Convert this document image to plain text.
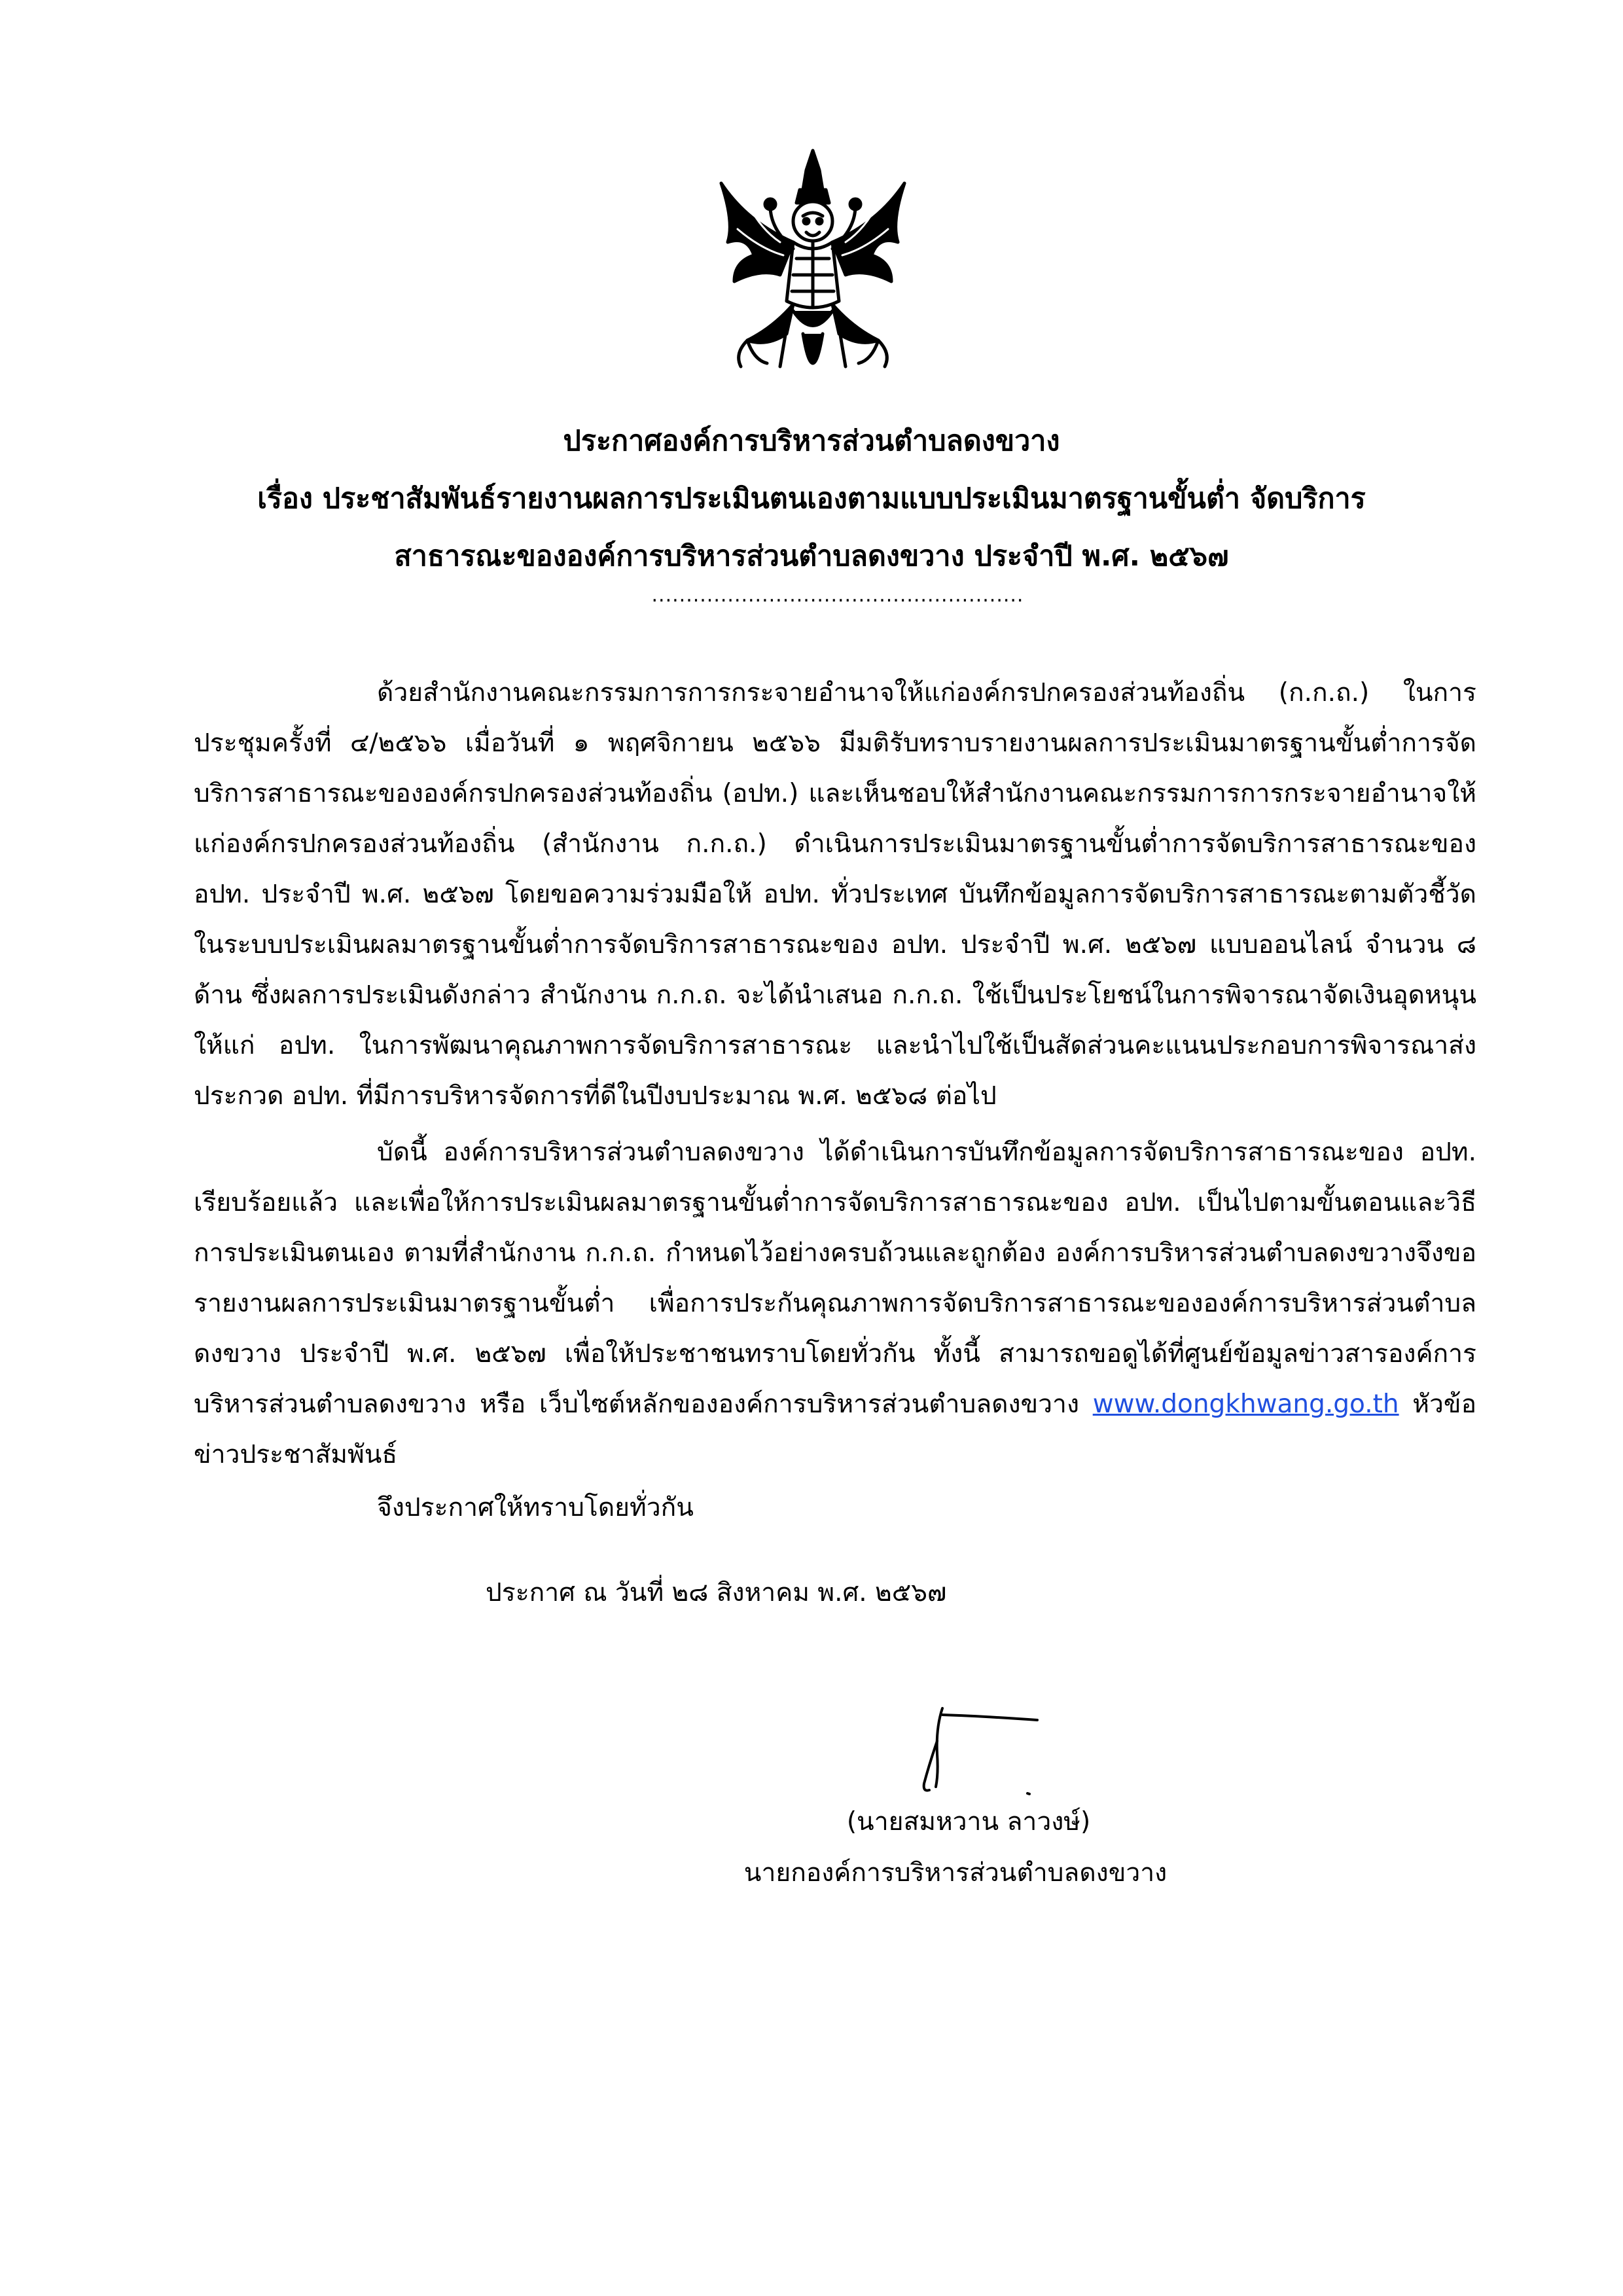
ประกาศองค์การบริหารส่วนตำบลดงขวาง

เรื่อง ประชาสัมพันธ์รายงานผลการประเมินตนเองตามแบบประเมินมาตรฐานขั้นต่ำ จัดบริการ

สาธารณะขององค์การบริหารส่วนตำบลดงขวาง ประจำปี พ.ศ. ๒๕๖๗

......................................................

ด้วยสำนักงานคณะกรรมการการกระจายอำนาจให้แก่องค์กรปกครองส่วนท้องถิ่น (ก.ก.ถ.) ในการประชุมครั้งที่ ๔/๒๕๖๖ เมื่อวันที่ ๑ พฤศจิกายน ๒๕๖๖ มีมติรับทราบรายงานผลการประเมินมาตรฐานขั้นต่ำการจัดบริการสาธารณะขององค์กรปกครองส่วนท้องถิ่น (อปท.) และเห็นชอบให้สำนักงานคณะกรรมการการกระจายอำนาจให้แก่องค์กรปกครองส่วนท้องถิ่น (สำนักงาน ก.ก.ถ.) ดำเนินการประเมินมาตรฐานขั้นต่ำการจัดบริการสาธารณะของ อปท. ประจำปี พ.ศ. ๒๕๖๗ โดยขอความร่วมมือให้ อปท. ทั่วประเทศ บันทึกข้อมูลการจัดบริการสาธารณะตามตัวชี้วัดในระบบประเมินผลมาตรฐานขั้นต่ำการจัดบริการสาธารณะของ อปท. ประจำปี พ.ศ. ๒๕๖๗ แบบออนไลน์ จำนวน ๘ ด้าน ซึ่งผลการประเมินดังกล่าว สำนักงาน ก.ก.ถ. จะได้นำเสนอ ก.ก.ถ. ใช้เป็นประโยชน์ในการพิจารณาจัดเงินอุดหนุนให้แก่ อปท. ในการพัฒนาคุณภาพการจัดบริการสาธารณะ และนำไปใช้เป็นสัดส่วนคะแนนประกอบการพิจารณาส่งประกวด อปท. ที่มีการบริหารจัดการที่ดีในปีงบประมาณ พ.ศ. ๒๕๖๘ ต่อไป

บัดนี้ องค์การบริหารส่วนตำบลดงขวาง ได้ดำเนินการบันทึกข้อมูลการจัดบริการสาธารณะของ อปท. เรียบร้อยแล้ว และเพื่อให้การประเมินผลมาตรฐานขั้นต่ำการจัดบริการสาธารณะของ อปท. เป็นไปตามขั้นตอนและวิธีการประเมินตนเอง ตามที่สำนักงาน ก.ก.ถ. กำหนดไว้อย่างครบถ้วนและถูกต้อง องค์การบริหารส่วนตำบลดงขวางจึงขอรายงานผลการประเมินมาตรฐานขั้นต่ำ เพื่อการประกันคุณภาพการจัดบริการสาธารณะขององค์การบริหารส่วนตำบลดงขวาง ประจำปี พ.ศ. ๒๕๖๗ เพื่อให้ประชาชนทราบโดยทั่วกัน ทั้งนี้ สามารถขอดูได้ที่ศูนย์ข้อมูลข่าวสารองค์การบริหารส่วนตำบลดงขวาง หรือ เว็บไซต์หลักขององค์การบริหารส่วนตำบลดงขวาง www.dongkhwang.go.th หัวข้อข่าวประชาสัมพันธ์

จึงประกาศให้ทราบโดยทั่วกัน

ประกาศ ณ วันที่ ๒๘ สิงหาคม พ.ศ. ๒๕๖๗

(นายสมหวาน ลาวงษ์)
นายกองค์การบริหารส่วนตำบลดงขวาง
